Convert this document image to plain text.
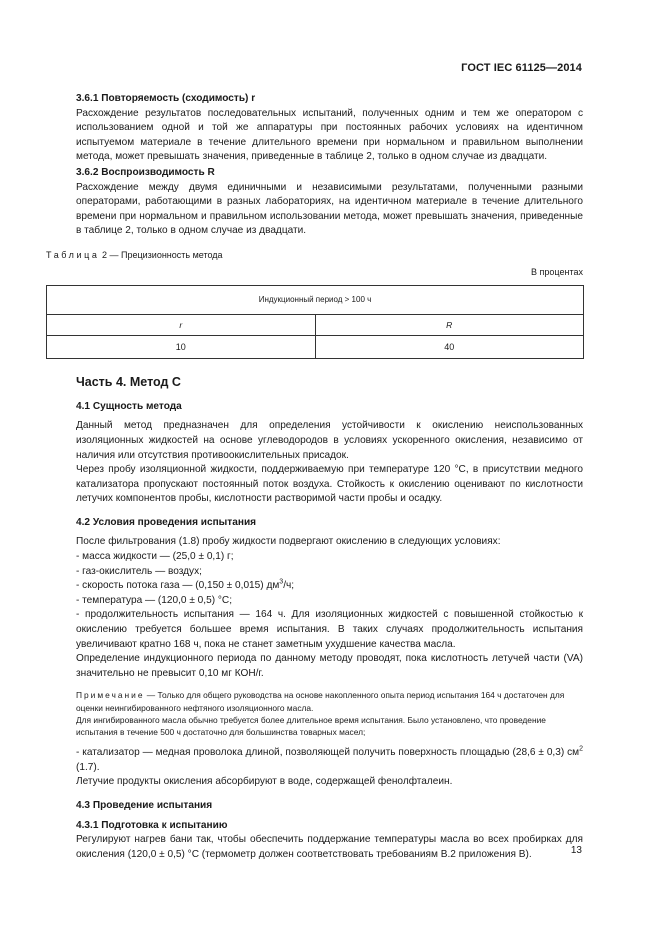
ГОСТ IEC 61125—2014
3.6.1 Повторяемость (сходимость) r

Расхождение результатов последовательных испытаний, полученных одним и тем же оператором с использованием одной и той же аппаратуры при постоянных рабочих условиях на идентичном испытуемом материале в течение длительного времени при нормальном и правильном выполнении метода, может превышать значения, приведенные в таблице 2, только в одном случае из двадцати.

3.6.2 Воспроизводимость R

Расхождение между двумя единичными и независимыми результатами, полученными разными операторами, работающими в разных лабораториях, на идентичном материале в течение длительного времени при нормальном и правильном использовании метода, может превышать значения, приведенные в таблице 2, только в одном случае из двадцати.

Таблица 2 — Прецизионность метода
В процентах
Индукционный период > 100 ч	
r	R
10	40
Часть 4. Метод С
4.1 Сущность метода

Данный метод предназначен для определения устойчивости к окислению неиспользованных изоляционных жидкостей на основе углеводородов в условиях ускоренного окисления, независимо от наличия или отсутствия противоокислительных присадок.

Через пробу изоляционной жидкости, поддерживаемую при температуре 120 °С, в присутствии медного катализатора пропускают постоянный поток воздуха. Стойкость к окислению оценивают по кислотности летучих компонентов пробы, кислотности растворимой части пробы и осадку.

4.2 Условия проведения испытания

После фильтрования (1.8) пробу жидкости подвергают окислению в следующих условиях:

- масса жидкости — (25,0 ± 0,1) г;
- газ-окислитель — воздух;
- скорость потока газа — (0,150 ± 0,015) $дм^3/ч$;
- температура — (120,0 ± 0,5) °С;
- продолжительность испытания — 164 ч. Для изоляционных жидкостей с повышенной стойкостью к окислению требуется большее время испытания. В таких случаях продолжительность испытания увеличивают кратно 168 ч, пока не станет заметным ухудшение качества масла.

Определение индукционного периода по данному методу проводят, пока кислотность летучей части (VA) значительно не превысит 0,10 мг КОН/г.

Примечание — Только для общего руководства на основе накопленного опыта период испытания 164 ч достаточен для оценки неингибированного нефтяного изоляционного масла.
Для ингибированного масла обычно требуется более длительное время испытания. Было установлено, что проведение испытания в течение 500 ч достаточно для большинства товарных масел;
- катализатор — медная проволока длиной, позволяющей получить поверхность площадью (28,6 ± 0,3) $см^2$ (1.7).

Летучие продукты окисления абсорбируют в воде, содержащей фенолфталеин.

4.3 Проведение испытания
4.3.1 Подготовка к испытанию

Регулируют нагрев бани так, чтобы обеспечить поддержание температуры масла во всех пробирках для окисления (120,0 ± 0,5) °С (термометр должен соответствовать требованиям В.2 приложения В).	13
